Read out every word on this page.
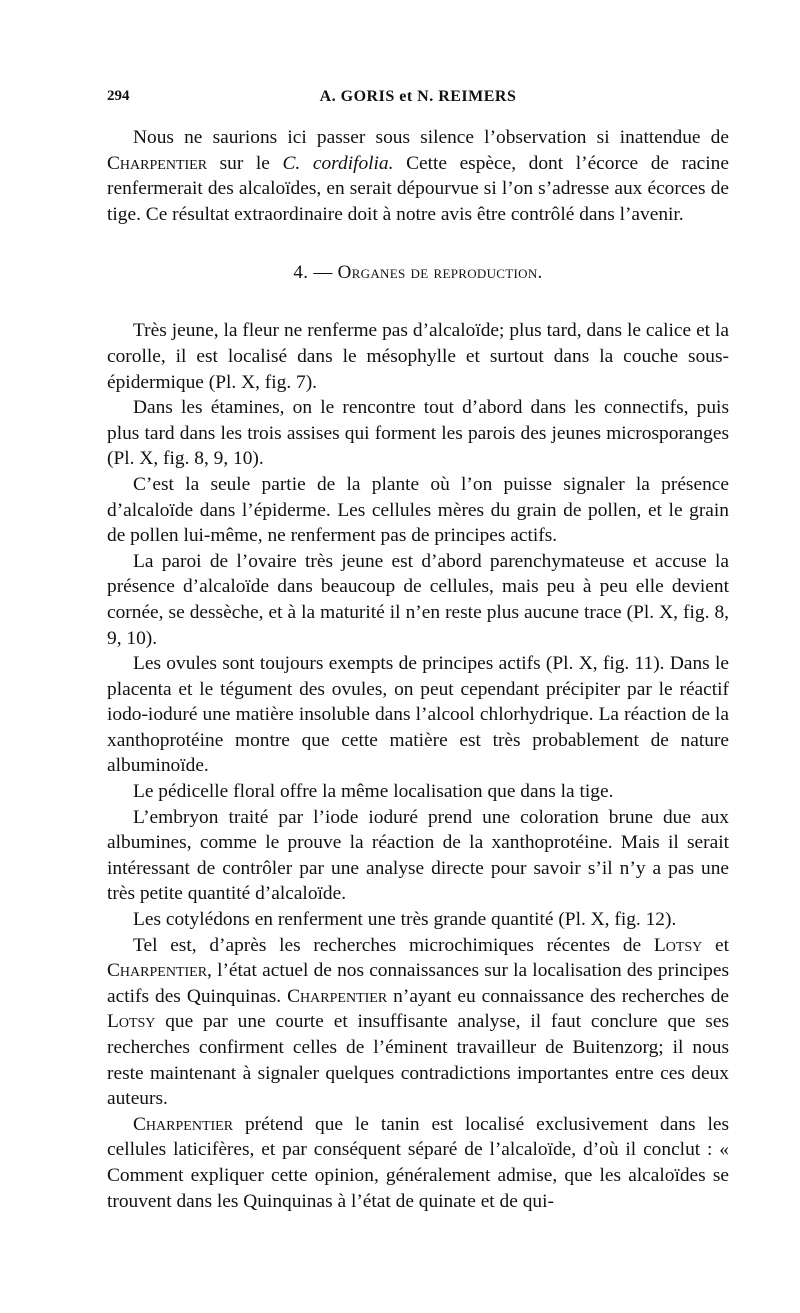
294	A. GORIS et N. REIMERS

Nous ne saurions ici passer sous silence l’observation si inattendue de Charpentier sur le C. cordifolia. Cette espèce, dont l’écorce de racine renfermerait des alcaloïdes, en serait dépourvue si l’on s’adresse aux écorces de tige. Ce résultat extraordinaire doit à notre avis être contrôlé dans l’avenir.

4. — Organes de reproduction.

Très jeune, la fleur ne renferme pas d’alcaloïde; plus tard, dans le calice et la corolle, il est localisé dans le mésophylle et surtout dans la couche sous-épidermique (Pl. X, fig. 7).

Dans les étamines, on le rencontre tout d’abord dans les connectifs, puis plus tard dans les trois assises qui forment les parois des jeunes microsporanges (Pl. X, fig. 8, 9, 10).

C’est la seule partie de la plante où l’on puisse signaler la présence d’alcaloïde dans l’épiderme. Les cellules mères du grain de pollen, et le grain de pollen lui-même, ne renferment pas de principes actifs.

La paroi de l’ovaire très jeune est d’abord parenchymateuse et accuse la présence d’alcaloïde dans beaucoup de cellules, mais peu à peu elle devient cornée, se dessèche, et à la maturité il n’en reste plus aucune trace (Pl. X, fig. 8, 9, 10).

Les ovules sont toujours exempts de principes actifs (Pl. X, fig. 11). Dans le placenta et le tégument des ovules, on peut cependant précipiter par le réactif iodo-ioduré une matière insoluble dans l’alcool chlorhydrique. La réaction de la xanthoprotéine montre que cette matière est très probablement de nature albuminoïde.

Le pédicelle floral offre la même localisation que dans la tige.

L’embryon traité par l’iode ioduré prend une coloration brune due aux albumines, comme le prouve la réaction de la xanthoprotéine. Mais il serait intéressant de contrôler par une analyse directe pour savoir s’il n’y a pas une très petite quantité d’alcaloïde.

Les cotylédons en renferment une très grande quantité (Pl. X, fig. 12).

Tel est, d’après les recherches microchimiques récentes de Lotsy et Charpentier, l’état actuel de nos connaissances sur la localisation des principes actifs des Quinquinas. Charpentier n’ayant eu connaissance des recherches de Lotsy que par une courte et insuffisante analyse, il faut conclure que ses recherches confirment celles de l’éminent travailleur de Buitenzorg; il nous reste maintenant à signaler quelques contradictions importantes entre ces deux auteurs.

Charpentier prétend que le tanin est localisé exclusivement dans les cellules laticifères, et par conséquent séparé de l’alcaloïde, d’où il conclut : « Comment expliquer cette opinion, généralement admise, que les alcaloïdes se trouvent dans les Quinquinas à l’état de quinate et de qui-
